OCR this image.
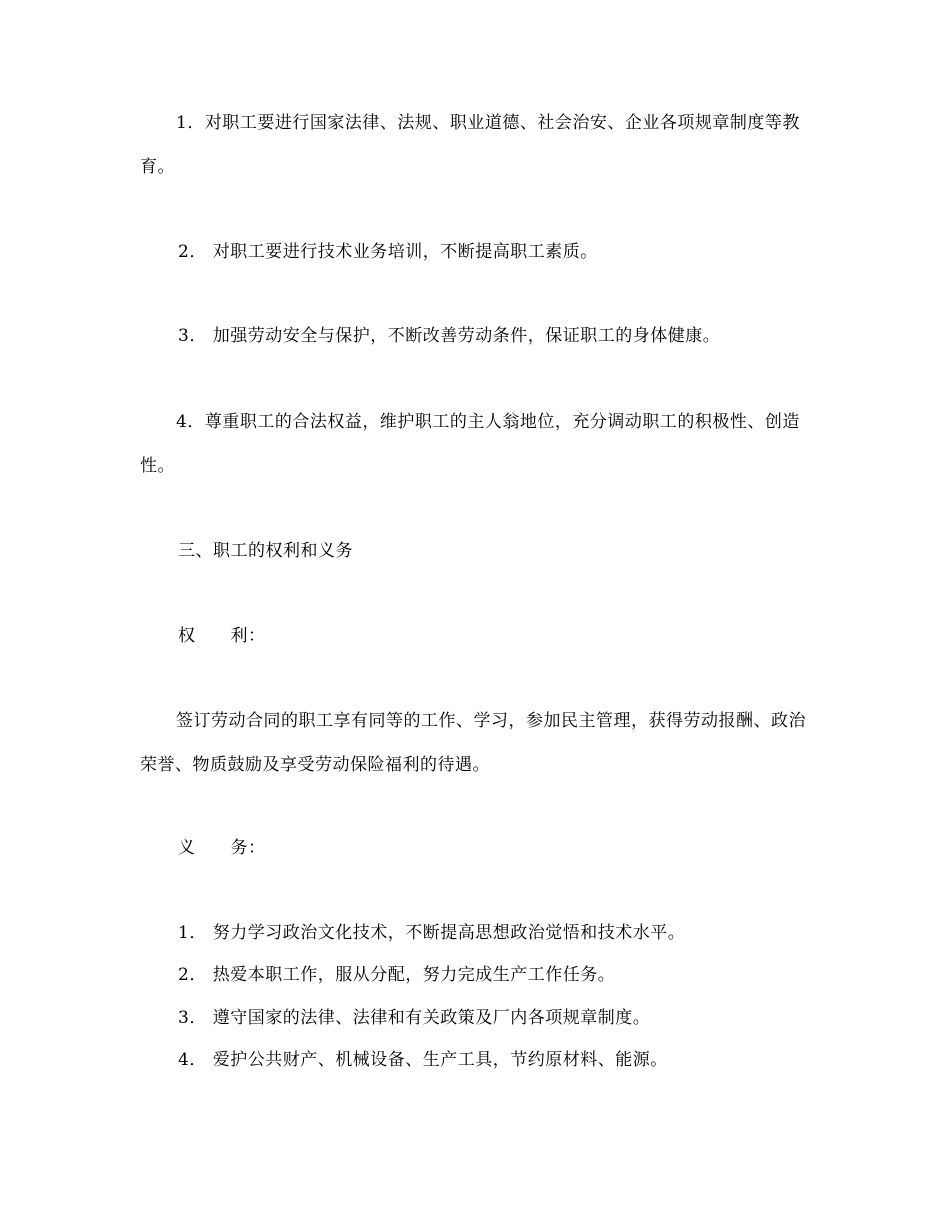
1．对职工要进行国家法律、法规、职业道德、社会治安、企业各项规章制度等教育。
2． 对职工要进行技术业务培训，不断提高职工素质。
3． 加强劳动安全与保护，不断改善劳动条件，保证职工的身体健康。
4．尊重职工的合法权益，维护职工的主人翁地位，充分调动职工的积极性、创造性。
三、职工的权利和义务
权　　利：
签订劳动合同的职工享有同等的工作、学习，参加民主管理，获得劳动报酬、政治荣誉、物质鼓励及享受劳动保险福利的待遇。
义　　务：
1． 努力学习政治文化技术，不断提高思想政治觉悟和技术水平。
2． 热爱本职工作，服从分配，努力完成生产工作任务。
3． 遵守国家的法律、法律和有关政策及厂内各项规章制度。
4． 爱护公共财产、机械设备、生产工具，节约原材料、能源。
